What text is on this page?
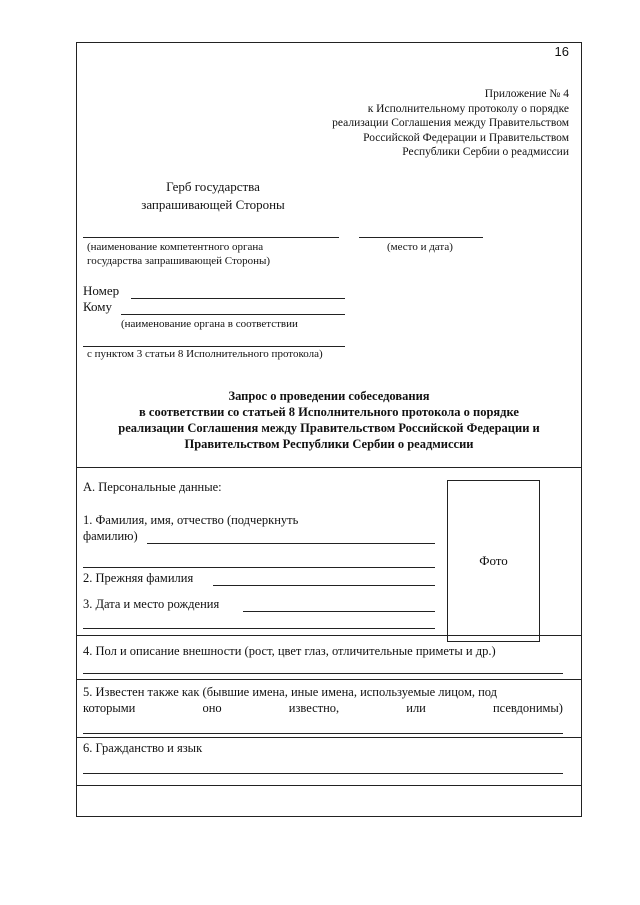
16
Приложение № 4
к Исполнительному протоколу о порядке
реализации Соглашения между Правительством
Российской Федерации и Правительством
Республики Сербии о реадмиссии
Герб государства
запрашивающей Стороны
(наименование компетентного органа
государства запрашивающей Стороны)
(место и дата)
Номер
Кому
(наименование органа в соответствии
с пунктом 3 статьи 8 Исполнительного протокола)
Запрос о проведении собеседования
в соответствии со статьей 8 Исполнительного протокола о порядке
реализации Соглашения между Правительством Российской Федерации и
Правительством Республики Сербии о реадмиссии
А. Персональные данные:
1. Фамилия, имя, отчество (подчеркнуть
фамилию)
2. Прежняя фамилия
3. Дата и место рождения
Фото
4. Пол и описание внешности (рост, цвет глаз, отличительные приметы и др.)
5. Известен также как (бывшие имена, иные имена, используемые лицом, под
которыми	оно	известно,	или	псевдонимы)
6. Гражданство и язык
